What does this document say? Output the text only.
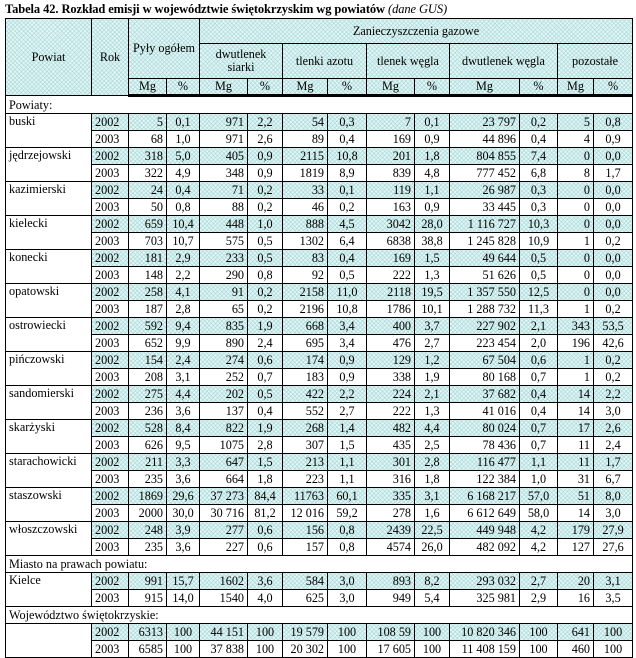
Tabela 42. Rozkład emisji w województwie świętokrzyskim wg powiatów (dane GUS)
Powiat	Rok	Pyły ogółem		Zanieczyszczenia gazowe									
				dwutlenek siarki		tlenki azotu		tlenek węgla		dwutlenek węgla		pozostałe	
		Mg	%	Mg	%	Mg	%	Mg	%	Mg	%	Mg	%
Powiaty:													
buski	2002	5	0,1	971	2,2	54	0,3	7	0,1	23 797	0,2	5	0,8
	2003	68	1,0	971	2,6	89	0,4	169	0,9	44 896	0,4	4	0,9
jędrzejowski	2002	318	5,0	405	0,9	2115	10,8	201	1,8	804 855	7,4	0	0,0
	2003	322	4,9	348	0,9	1819	8,9	839	4,8	777 452	6,8	8	1,7
kazimierski	2002	24	0,4	71	0,2	33	0,1	119	1,1	26 987	0,3	0	0,0
	2003	50	0,8	88	0,2	46	0,2	163	0,9	33 445	0,3	0	0,0
kielecki	2002	659	10,4	448	1,0	888	4,5	3042	28,0	1 116 727	10,3	0	0,0
	2003	703	10,7	575	0,5	1302	6,4	6838	38,8	1 245 828	10,9	1	0,2
konecki	2002	181	2,9	233	0,5	83	0,4	169	1,5	49 644	0,5	0	0,0
	2003	148	2,2	290	0,8	92	0,5	222	1,3	51 626	0,5	0	0,0
opatowski	2002	258	4,1	91	0,2	2158	11,0	2118	19,5	1 357 550	12,5	0	0,0
	2003	187	2,8	65	0,2	2196	10,8	1786	10,1	1 288 732	11,3	1	0,2
ostrowiecki	2002	592	9,4	835	1,9	668	3,4	400	3,7	227 902	2,1	343	53,5
	2003	652	9,9	890	2,4	695	3,4	476	2,7	223 454	2,0	196	42,6
pińczowski	2002	154	2,4	274	0,6	174	0,9	129	1,2	67 504	0,6	1	0,2
	2003	208	3,1	252	0,7	183	0,9	338	1,9	80 168	0,7	1	0,2
sandomierski	2002	275	4,4	202	0,5	422	2,2	224	2,1	37 682	0,4	14	2,2
	2003	236	3,6	137	0,4	552	2,7	222	1,3	41 016	0,4	14	3,0
skarżyski	2002	528	8,4	822	1,9	268	1,4	482	4,4	80 024	0,7	17	2,6
	2003	626	9,5	1075	2,8	307	1,5	435	2,5	78 436	0,7	11	2,4
starachowicki	2002	211	3,3	647	1,5	213	1,1	301	2,8	116 477	1,1	11	1,7
	2003	235	3,6	664	1,8	223	1,1	316	1,8	122 384	1,0	31	6,7
staszowski	2002	1869	29,6	37 273	84,4	11763	60,1	335	3,1	6 168 217	57,0	51	8,0
	2003	2000	30,0	30 716	81,2	12 016	59,2	278	1,6	6 612 649	58,0	14	3,0
włoszczowski	2002	248	3,9	277	0,6	156	0,8	2439	22,5	449 948	4,2	179	27,9
	2003	235	3,6	227	0,6	157	0,8	4574	26,0	482 092	4,2	127	27,6
Miasto na prawach powiatu:													
Kielce	2002	991	15,7	1602	3,6	584	3,0	893	8,2	293 032	2,7	20	3,1
	2003	915	14,0	1540	4,0	625	3,0	949	5,4	325 981	2,9	16	3,5
Województwo świętokrzyskie:													
	2002	6313	100	44 151	100	19 579	100	108 59	100	10 820 346	100	641	100
	2003	6585	100	37 838	100	20 302	100	17 605	100	11 408 159	100	460	100
